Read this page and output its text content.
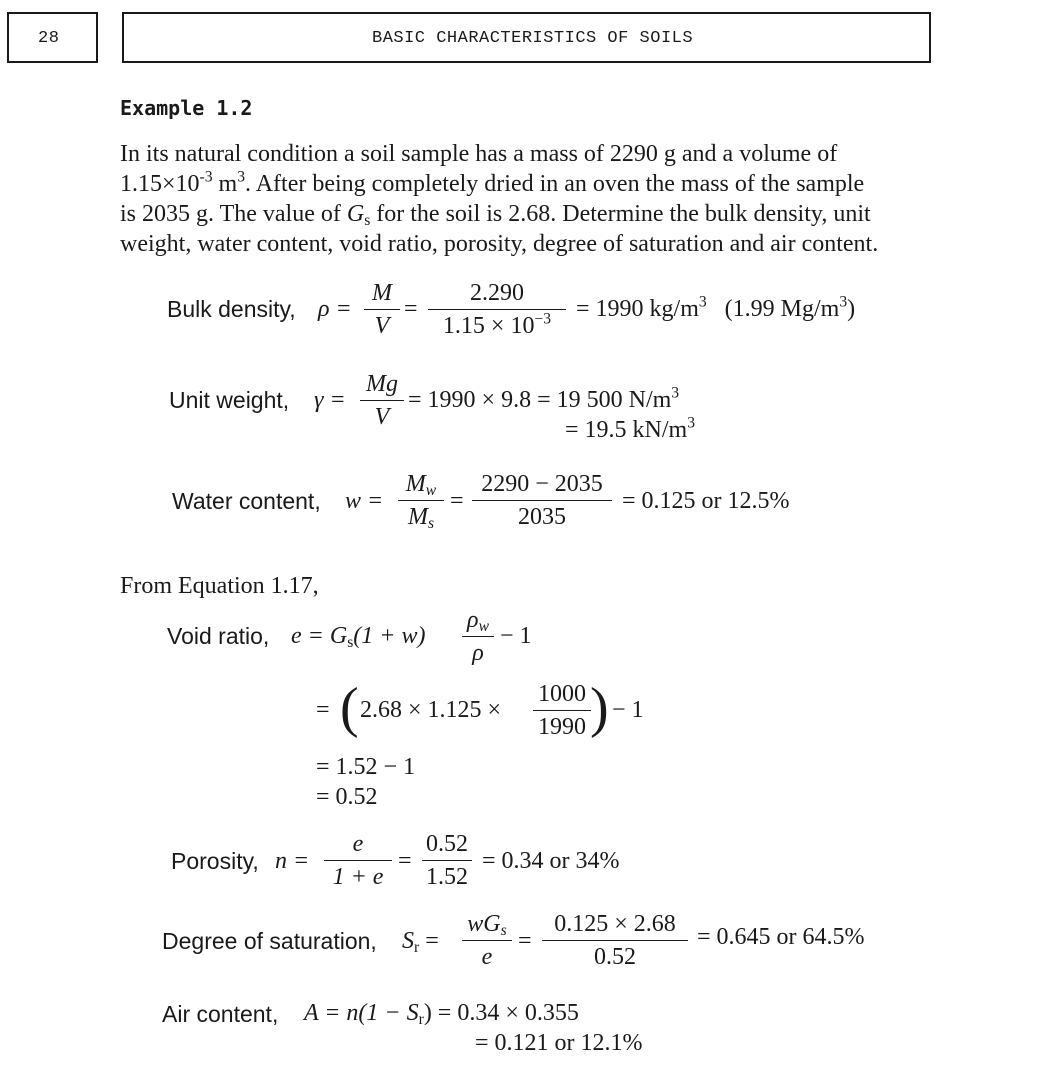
28	BASIC CHARACTERISTICS OF SOILS
Example 1.2
In its natural condition a soil sample has a mass of 2290 g and a volume of
$1.15\times 10^{-3}$ $m^3$. After being completely dried in an oven the mass of the sample
is 2035 g. The value of $G_s$ for the soil is 2.68. Determine the bulk density, unit
weight, water content, void ratio, porosity, degree of saturation and air content.
Bulk density, ρ =
M
V
=
2.290
$1.15 \times 10^{-3}$	= 1990 $kg/m^3$ (1.99 $Mg/m^3$)
Unit weight, γ =
Mg
V
= 1990 × 9.8 = 19 500 $N/m^3$
= 19.5 $kN/m^3$
Water content, w =
$M_w$
$M_s$
=
2290 − 2035
2035
= 0.125 or 12.5%
From Equation 1.17,
Void ratio, $e = G_s(1 + w)$
$\rho_w$
ρ
− 1
= ( 2.68 × 1.125 ×
1000
1990 ) − 1
= 1.52 − 1
= 0.52
Porosity, n =
e
1 + e
=
0.52
1.52
= 0.34 or 34%
Degree of saturation, $S_r$ =
$wG_s$
e
=
0.125 × 2.68
0.52
= 0.645 or 64.5%
Air content, $A = n(1 - S_r) = 0.34 \times 0.355$
= 0.121 or 12.1%
